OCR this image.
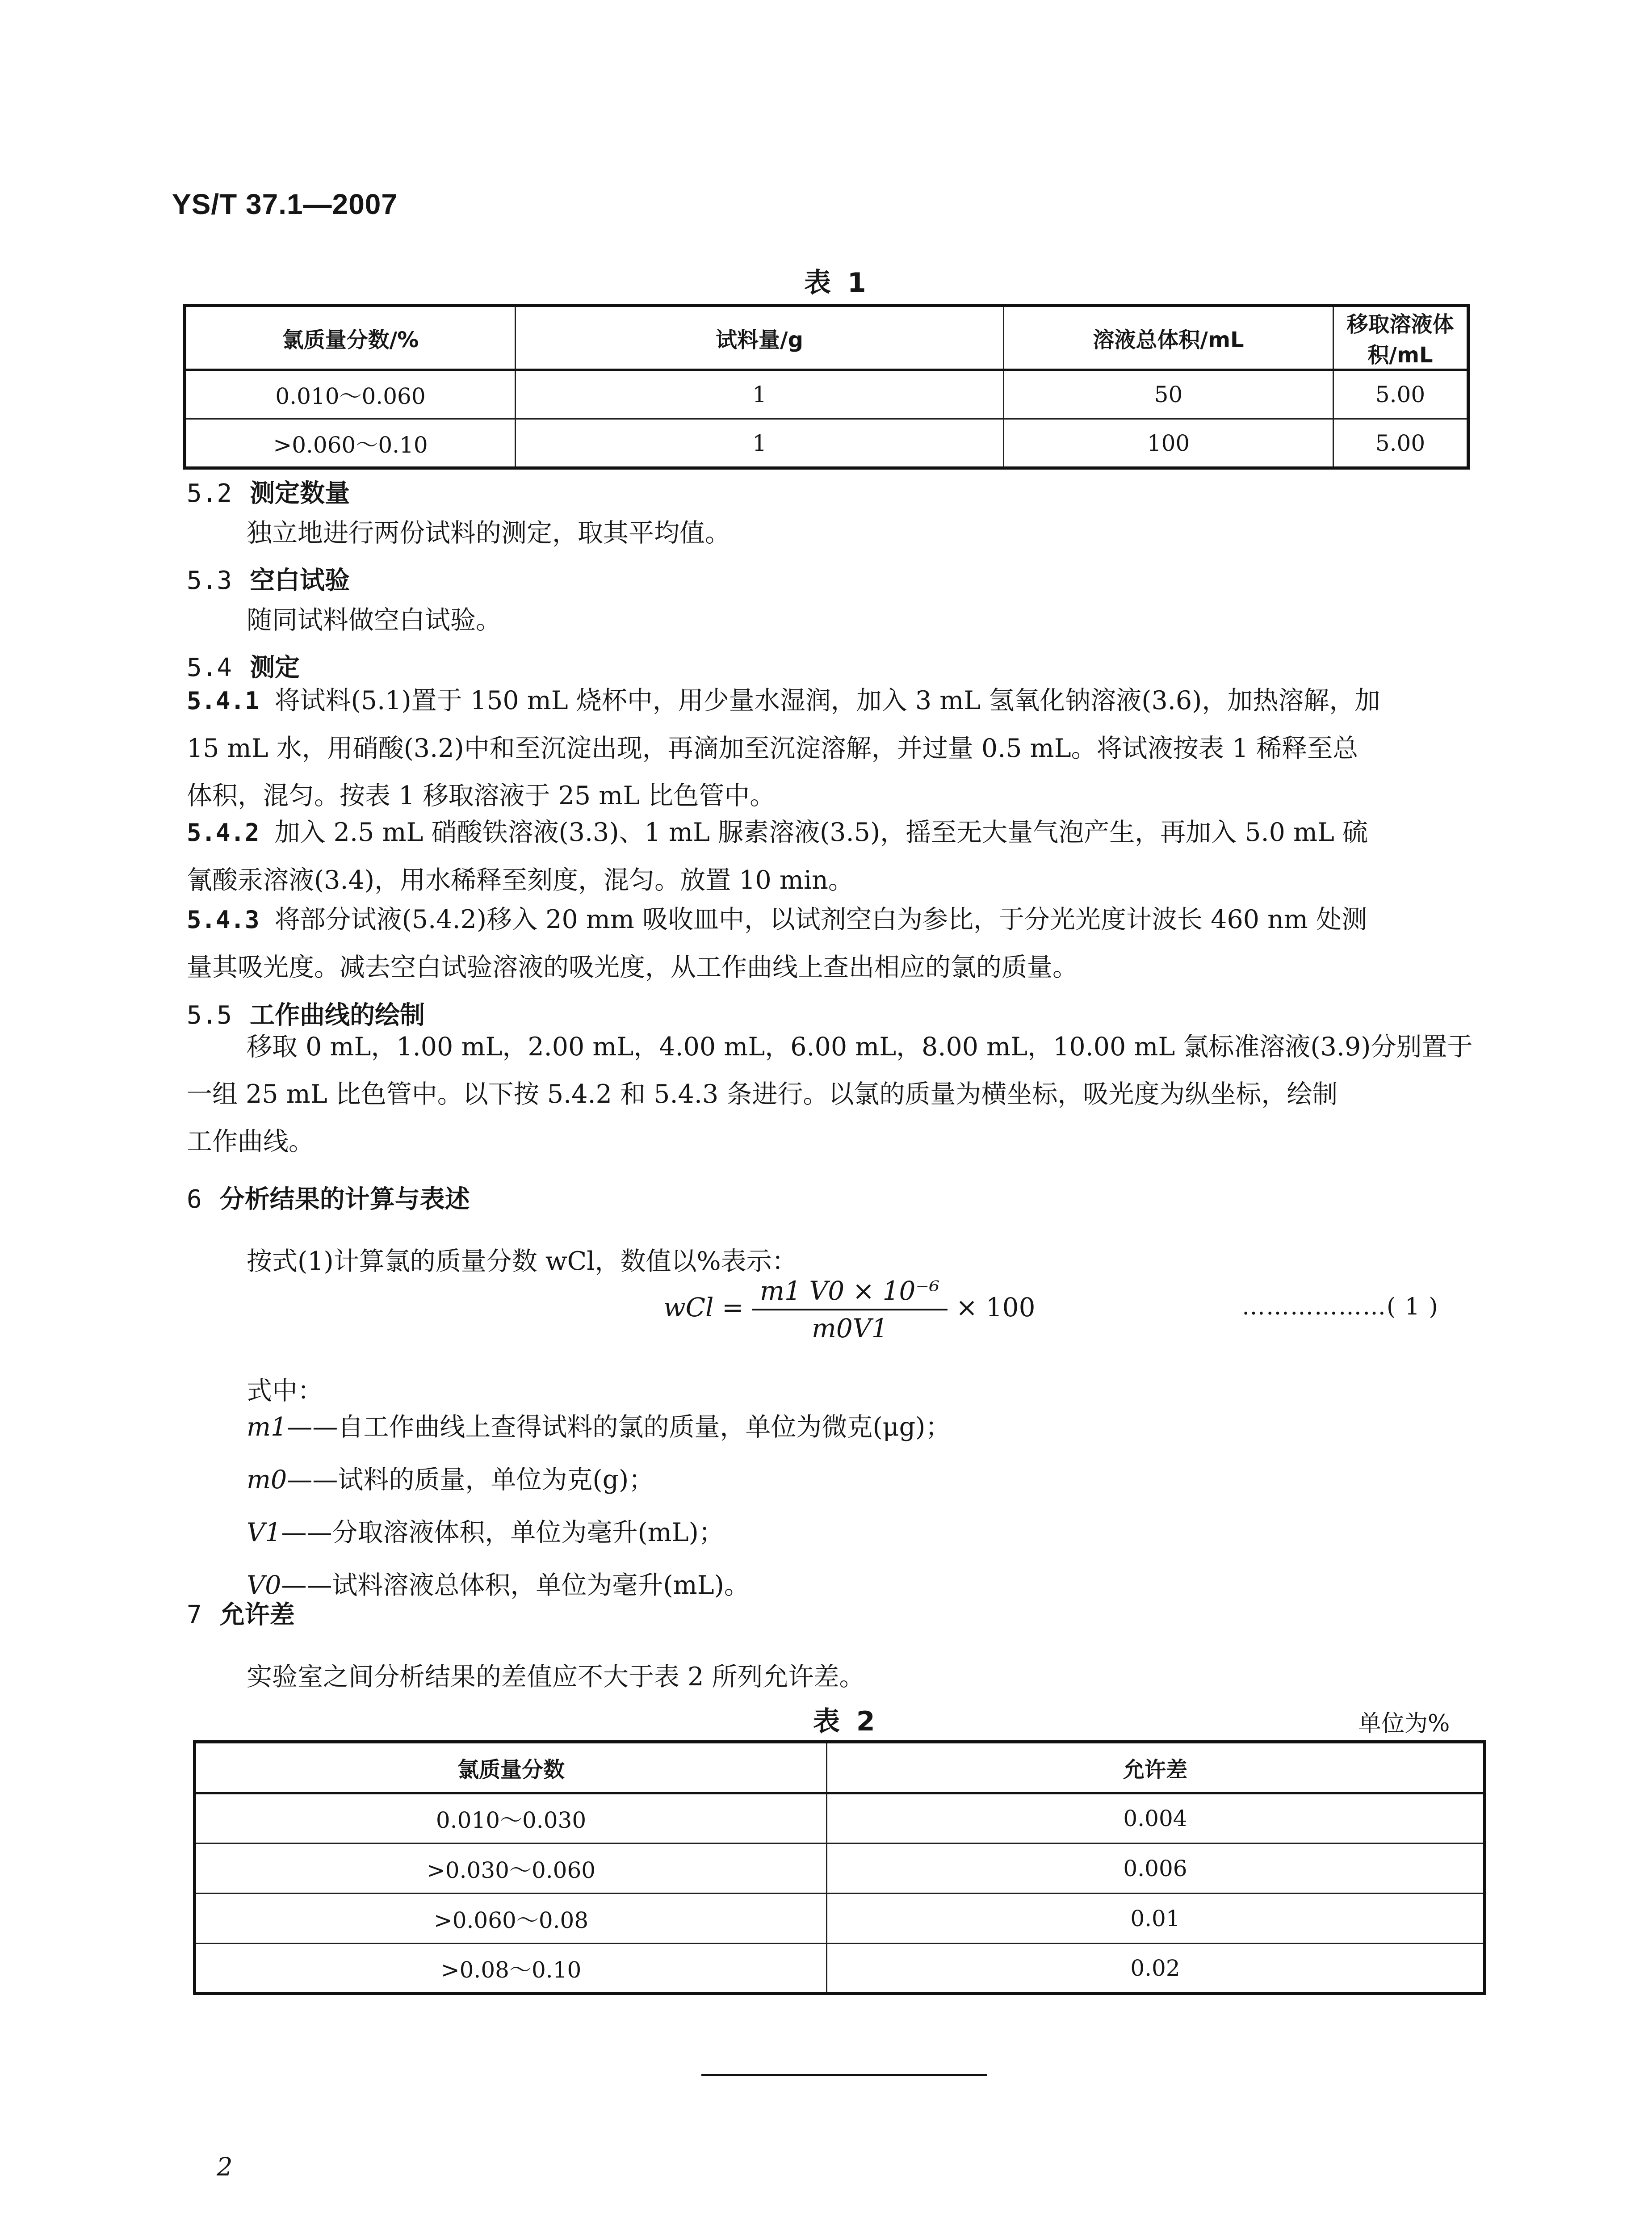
YS/T 37.1—2007
表 1
氯质量分数/%	试料量/g	溶液总体积/mL	移取溶液体积/mL
0.010～0.060	1	50	5.00
>0.060～0.10	1	100	5.00
5.2 测定数量
独立地进行两份试料的测定，取其平均值。
5.3 空白试验
随同试料做空白试验。
5.4 测定
5.4.1 将试料(5.1)置于 150 mL 烧杯中，用少量水湿润，加入 3 mL 氢氧化钠溶液(3.6)，加热溶解，加
15 mL 水，用硝酸(3.2)中和至沉淀出现，再滴加至沉淀溶解，并过量 0.5 mL。将试液按表 1 稀释至总
体积，混匀。按表 1 移取溶液于 25 mL 比色管中。
5.4.2 加入 2.5 mL 硝酸铁溶液(3.3)、1 mL 脲素溶液(3.5)，摇至无大量气泡产生，再加入 5.0 mL 硫
氰酸汞溶液(3.4)，用水稀释至刻度，混匀。放置 10 min。
5.4.3 将部分试液(5.4.2)移入 20 mm 吸收皿中，以试剂空白为参比，于分光光度计波长 460 nm 处测
量其吸光度。减去空白试验溶液的吸光度，从工作曲线上查出相应的氯的质量。
5.5 工作曲线的绘制
移取 0 mL，1.00 mL，2.00 mL，4.00 mL，6.00 mL，8.00 mL，10.00 mL 氯标准溶液(3.9)分别置于
一组 25 mL 比色管中。以下按 5.4.2 和 5.4.3 条进行。以氯的质量为横坐标，吸光度为纵坐标，绘制
工作曲线。
6 分析结果的计算与表述
按式(1)计算氯的质量分数 wCl，数值以%表示：
wCl = $\frac{\text{m1 V0 × 10⁻⁶}}{m0V1} \times 100$	………………( 1 )
式中：
m1——自工作曲线上查得试料的氯的质量，单位为微克(μg)；
m0——试料的质量，单位为克(g)；
V1——分取溶液体积，单位为毫升(mL)；
V0——试料溶液总体积，单位为毫升(mL)。
7 允许差
实验室之间分析结果的差值应不大于表 2 所列允许差。
表 2	单位为%
氯质量分数	允许差
0.010～0.030	0.004
>0.030～0.060	0.006
>0.060～0.08	0.01
>0.08～0.10	0.02
2
